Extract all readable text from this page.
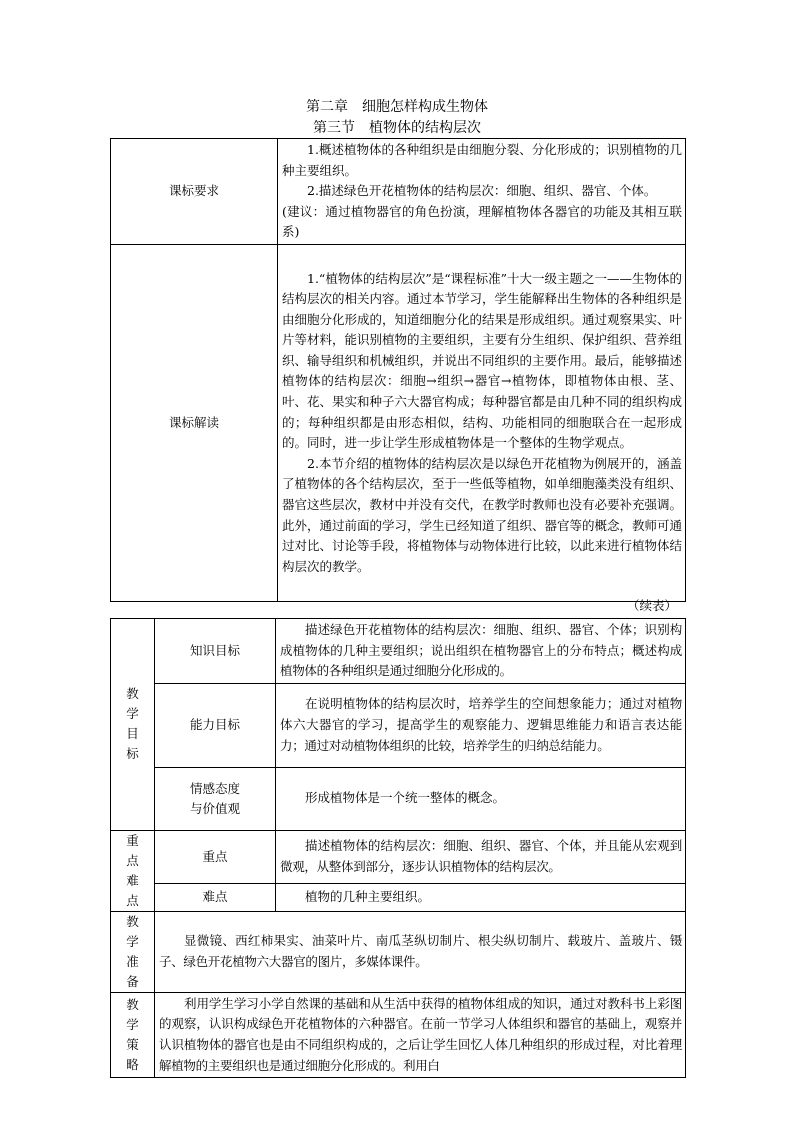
第二章　细胞怎样构成生物体
第三节　植物体的结构层次
课标要求	1.概述植物体的各种组织是由细胞分裂、分化形成的；识别植物的几种主要组织。

2.描述绿色开花植物体的结构层次：细胞、组织、器官、个体。

(建议：通过植物器官的角色扮演，理解植物体各器官的功能及其相互联系)

课标解读	1.“植物体的结构层次”是“课程标准”十大一级主题之一——生物体的结构层次的相关内容。通过本节学习，学生能解释出生物体的各种组织是由细胞分化形成的，知道细胞分化的结果是形成组织。通过观察果实、叶片等材料，能识别植物的主要组织，主要有分生组织、保护组织、营养组织、输导组织和机械组织，并说出不同组织的主要作用。最后，能够描述植物体的结构层次：细胞→组织→器官→植物体，即植物体由根、茎、叶、花、果实和种子六大器官构成；每种器官都是由几种不同的组织构成的；每种组织都是由形态相似，结构、功能相同的细胞联合在一起形成的。同时，进一步让学生形成植物体是一个整体的生物学观点。

2.本节介绍的植物体的结构层次是以绿色开花植物为例展开的，涵盖了植物体的各个结构层次，至于一些低等植物，如单细胞藻类没有组织、器官这些层次，教材中并没有交代，在教学时教师也没有必要补充强调。此外，通过前面的学习，学生已经知道了组织、器官等的概念，教师可通过对比、讨论等手段，将植物体与动物体进行比较，以此来进行植物体结构层次的教学。

（续表）
教学目标	知识目标	描述绿色开花植物体的结构层次：细胞、组织、器官、个体；识别构成植物体的几种主要组织；说出组织在植物器官上的分布特点；概述构成植物体的各种组织是通过细胞分化形成的。

	能力目标	在说明植物体的结构层次时，培养学生的空间想象能力；通过对植物体六大器官的学习，提高学生的观察能力、逻辑思维能力和语言表达能力；通过对动植物体组织的比较，培养学生的归纳总结能力。

	情感态度
与价值观	形成植物体是一个统一整体的概念。

重点难点	重点	描述植物体的结构层次：细胞、组织、器官、个体，并且能从宏观到微观，从整体到部分，逐步认识植物体的结构层次。

	难点	植物的几种主要组织。

教学准备	显微镜、西红柿果实、油菜叶片、南瓜茎纵切制片、根尖纵切制片、载玻片、盖玻片、镊子、绿色开花植物六大器官的图片，多媒体课件。	

教学策略	利用学生学习小学自然课的基础和从生活中获得的植物体组成的知识，通过对教科书上彩图的观察，认识构成绿色开花植物体的六种器官。在前一节学习人体组织和器官的基础上，观察并认识植物体的器官也是由不同组织构成的，之后让学生回忆人体几种组织的形成过程，对比着理解植物的主要组织也是通过细胞分化形成的。利用白	
